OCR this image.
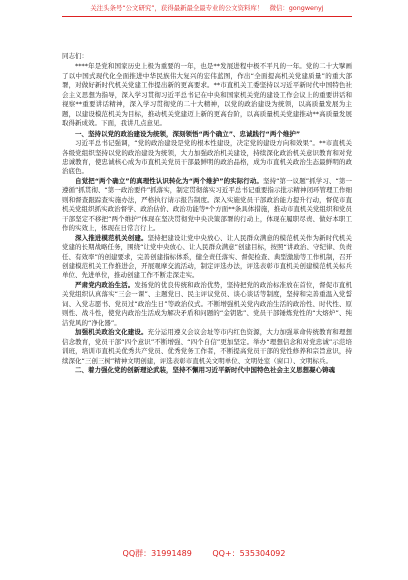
关注头条号“公文研究”，获得最新最全最专业的公文资料库！　微信：gongwenyj

同志们：

****年是党和国家历史上极为重要的一年，也是**发展进程中极不平凡的一年。党的二十大擘画了以中国式现代化全面推进中华民族伟大复兴的宏伟蓝图，作出“全面提高机关党建质量”的重大部署，对做好新时代机关党建工作提出新的更高要求。**市直机关工委坚持以习近平新时代中国特色社会主义思想为指导，深入学习贯彻习近平总书记在中央和国家机关党的建设工作会议上的重要讲话和视察**重要讲话精神，深入学习贯彻党的二十大精神，以党的政治建设为统领，以高质量发展为主题，以建设模范机关为目标，推动机关党建迈上新的更高台阶，以高质量机关党建推动**高质量发展取得新成效。下面，我讲几点意见。

一、坚持以党的政治建设为统领，深刻领悟“两个确立”、忠诚践行“两个维护”

习近平总书记强调，“党的政治建设是党的根本性建设，决定党的建设方向和效果”。**市直机关各级党组织坚持以党的政治建设为统领，大力加强政治机关建设，持续深化政治机关意识教育和对党忠诚教育，使忠诚核心成为市直机关党员干部最鲜明的政治品格，成为市直机关政治生态最鲜明的政治底色。

自觉把“两个确立”的真理性认识转化为“两个维护”的实际行动。坚持“第一议题”抓学习、“第一遵循”抓贯彻、“第一政治要件”抓落实，制定贯彻落实习近平总书记重要指示批示精神闭环管理工作细则和督查跟踪查实施办法，严格执行请示报告制度。深入实施党员干部政治能力提升行动，督促市直机关党组织抓实政治督学、政治估价、政治功能等*个方面**条具体措施，推动市直机关党组织和党员干部坚定不移把“两个维护”体现在坚决贯彻党中央决策部署的行动上，体现在履职尽责、做好本职工作的实效上，体现在日常言行上。

深入推进模范机关创建。坚持把建设让党中央放心、让人民群众满意的模范机关作为新时代机关党建的长期战略任务，围绕“让党中央放心、让人民群众满意”创建目标，按照“讲政治、守纪律、负责任、有效率”的创建要求，完善创建指标体系，健全责任落实、督促检查、典型激励等工作机制，召开创建模范机关工作推进会，开展观摩交流活动，制定评选办法，评选表彰市直机关创建模范机关标兵单位、先进单位，推动创建工作不断走深走实。

严肃党内政治生活。发扬党的优良传统和政治优势，坚持把党的政治标准放在首位，督促市直机关党组织认真落实“三会一课”、主题党日、民主评议党员、谈心谈话等制度，坚持和完善重温入党誓词、入党志愿书、党员过“政治生日”等政治仪式。不断增强机关党内政治生活的政治性、时代性、原则性、战斗性，使党内政治生活成为解决矛盾和问题的“金钥匙”、党员干部锤炼党性的“大熔炉”、纯洁党风的“净化器”。

加强机关政治文化建设。充分运用遵义会议会址等市内红色资源，大力加强革命传统教育和理想信念教育，党员干部“四个意识”不断增强、“四个自信”更加坚定。举办“理想信念和对党忠诚”示范培训班，培训市直机关优秀共产党员、优秀党务工作者，不断提高党员干部的党性修养和宗旨意识，持续深化“三创三树”精神文明创建，评选表彰市直机关文明单位、文明处室（窗口）、文明标兵。

二、着力强化党的创新理论武装，坚持不懈用习近平新时代中国特色社会主义思想凝心铸魂

QQ群：31991489	QQ+：535304092
